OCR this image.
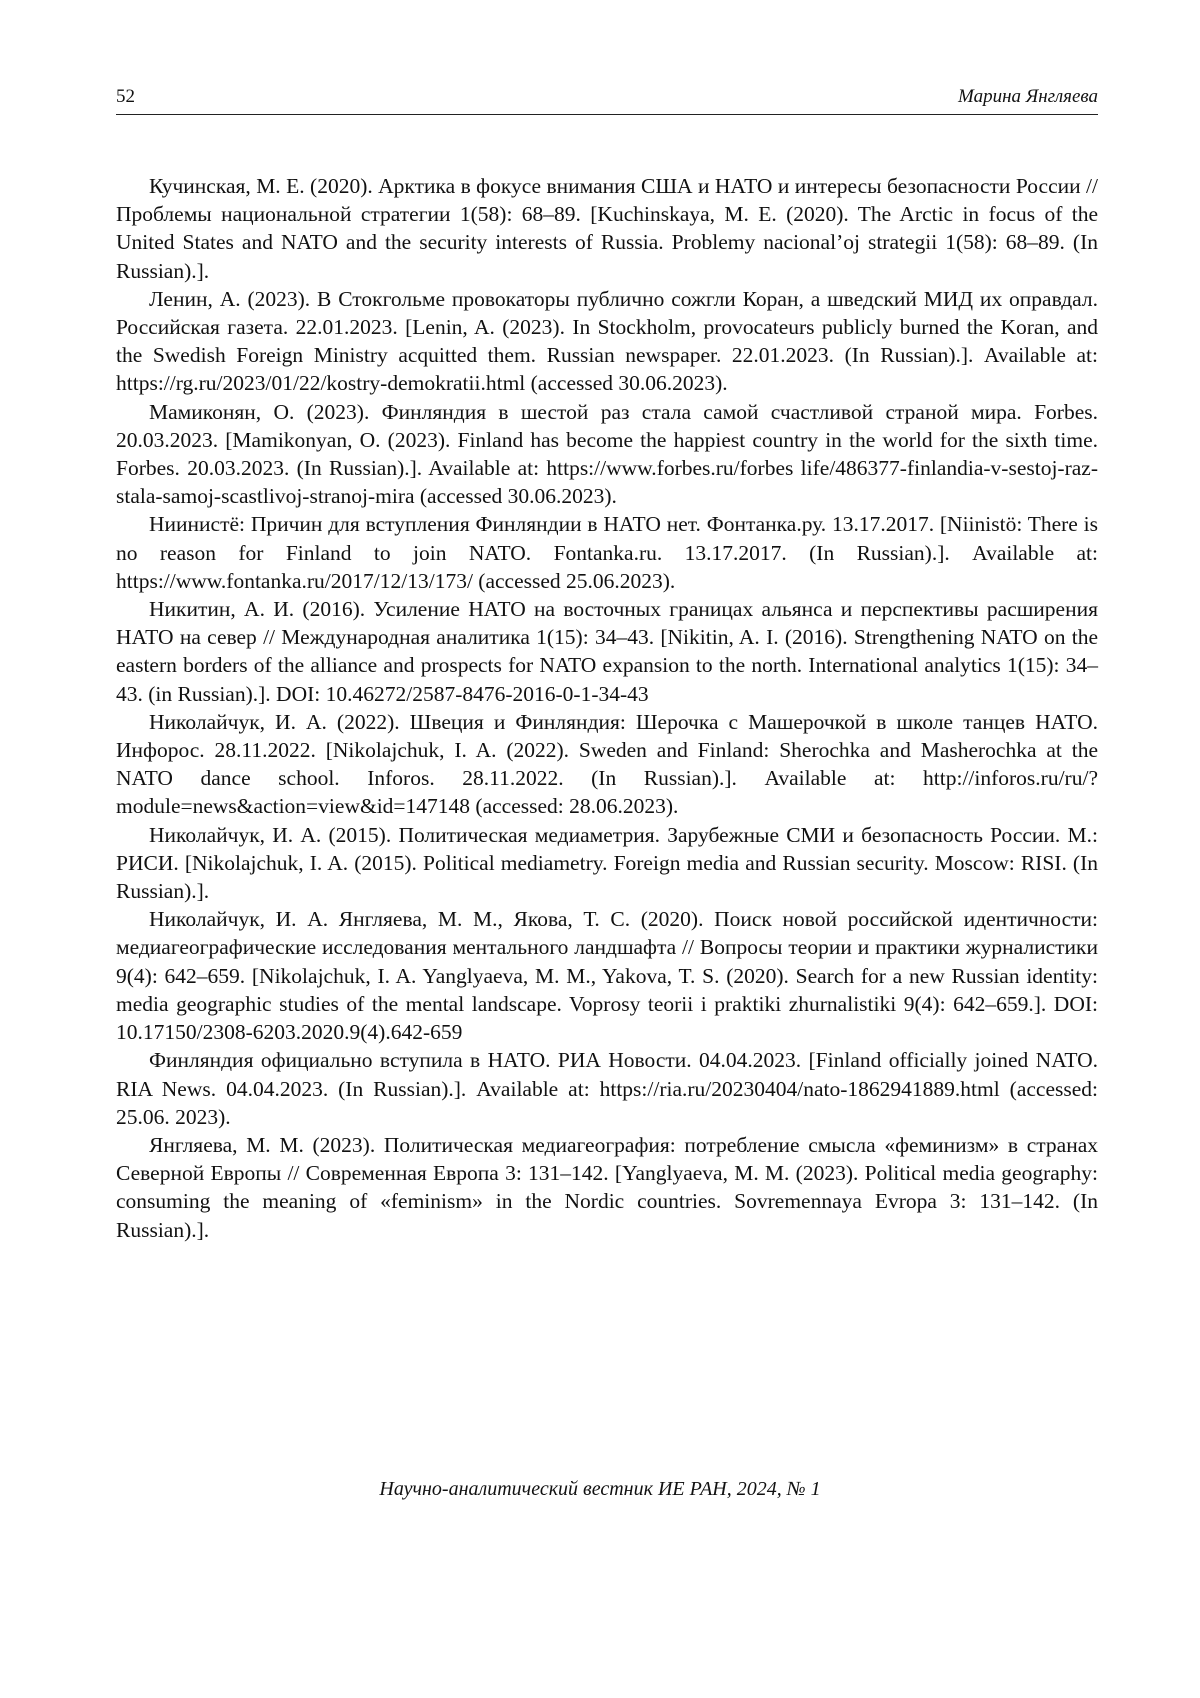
52	Марина Янгляева

Кучинская, М. Е. (2020). Арктика в фокусе внимания США и НАТО и интересы безопасности России // Проблемы национальной стратегии 1(58): 68–89. [Kuchinskaya, M. E. (2020). The Arctic in focus of the United States and NATO and the security interests of Russia. Problemy nacional’oj strategii 1(58): 68–89. (In Russian).].

Ленин, А. (2023). В Стокгольме провокаторы публично сожгли Коран, а шведский МИД их оправдал. Российская газета. 22.01.2023. [Lenin, A. (2023). In Stockholm, provocateurs publicly burned the Koran, and the Swedish Foreign Ministry acquitted them. Russian newspaper. 22.01.2023. (In Russian).]. Available at: https://rg.ru/2023/01/22/kostry-demokratii.html (accessed 30.06.2023).

Мамиконян, О. (2023). Финляндия в шестой раз стала самой счастливой страной мира. Forbes. 20.03.2023. [Mamikonyan, O. (2023). Finland has become the happiest country in the world for the sixth time. Forbes. 20.03.2023. (In Russian).]. Available at: https://www.forbes.ru/forbes life/486377-finlandia-v-sestoj-raz-stala-samoj-scastlivoj-stranoj-mira (accessed 30.06.2023).

Ниинистё: Причин для вступления Финляндии в НАТО нет. Фонтанка.ру. 13.17.2017. [Niinistö: There is no reason for Finland to join NATO. Fontanka.ru. 13.17.2017. (In Russian).]. Available at: https://www.fontanka.ru/2017/12/13/173/ (accessed 25.06.2023).

Никитин, А. И. (2016). Усиление НАТО на восточных границах альянса и перспективы расширения НАТО на север // Международная аналитика 1(15): 34–43. [Nikitin, A. I. (2016). Strengthening NATO on the eastern borders of the alliance and prospects for NATO expansion to the north. International analytics 1(15): 34–43. (in Russian).]. DOI: 10.46272/2587-8476-2016-0-1-34-43

Николайчук, И. А. (2022). Швеция и Финляндия: Шерочка с Машерочкой в школе танцев НАТО. Инфорос. 28.11.2022. [Nikolajchuk, I. A. (2022). Sweden and Finland: Sherochka and Masherochka at the NATO dance school. Inforos. 28.11.2022. (In Russian).]. Available at: http://inforos.ru/ru/?module=news&action=view&id=147148 (accessed: 28.06.2023).

Николайчук, И. А. (2015). Политическая медиаметрия. Зарубежные СМИ и безопасность России. М.: РИСИ. [Nikolajchuk, I. A. (2015). Political mediametry. Foreign media and Russian security. Moscow: RISI. (In Russian).].

Николайчук, И. А. Янгляева, М. М., Якова, Т. С. (2020). Поиск новой российской идентичности: медиагеографические исследования ментального ландшафта // Вопросы теории и практики журналистики 9(4): 642–659. [Nikolajchuk, I. A. Yanglyaeva, M. M., Yakova, T. S. (2020). Search for a new Russian identity: media geographic studies of the mental landscape. Voprosy teorii i praktiki zhurnalistiki 9(4): 642–659.]. DOI: 10.17150/2308-6203.2020.9(4).642-659

Финляндия официально вступила в НАТО. РИА Новости. 04.04.2023. [Finland officially joined NATO. RIA News. 04.04.2023. (In Russian).]. Available at: https://ria.ru/20230404/nato-1862941889.html (accessed: 25.06. 2023).

Янгляева, М. М. (2023). Политическая медиагеография: потребление смысла «феминизм» в странах Северной Европы // Современная Европа 3: 131–142. [Yanglyaeva, M. M. (2023). Political media geography: consuming the meaning of «feminism» in the Nordic countries. Sovremennaya Evropa 3: 131–142. (In Russian).].

Научно-аналитический вестник ИЕ РАН, 2024, № 1
